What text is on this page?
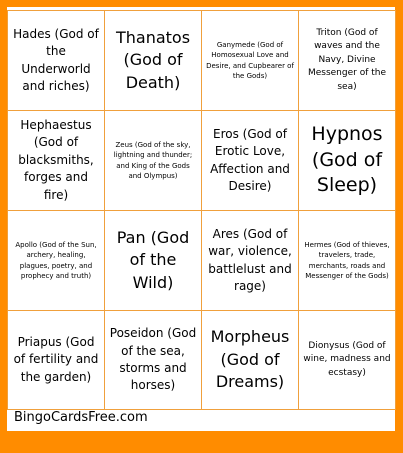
Hades (God of the Underworld and riches)
Thanatos (God of Death)
Ganymede (God of Homosexual Love and Desire, and Cupbearer of the Gods)
Triton (God of waves and the Navy, Divine Messenger of the sea)
Hephaestus (God of blacksmiths, forges and fire)
Zeus (God of the sky, lightning and thunder; and King of the Gods and Olympus)
Eros (God of Erotic Love, Affection and Desire)
Hypnos (God of Sleep)
Apollo (God of the Sun, archery, healing, plagues, poetry, and prophecy and truth)
Pan (God of the Wild)
Ares (God of war, violence, battlelust and rage)
Hermes (God of thieves, travelers, trade, merchants, roads and Messenger of the Gods)
Priapus (God of fertility and the garden)
Poseidon (God of the sea, storms and horses)
Morpheus (God of Dreams)
Dionysus (God of wine, madness and ecstasy)
BingoCardsFree.com
